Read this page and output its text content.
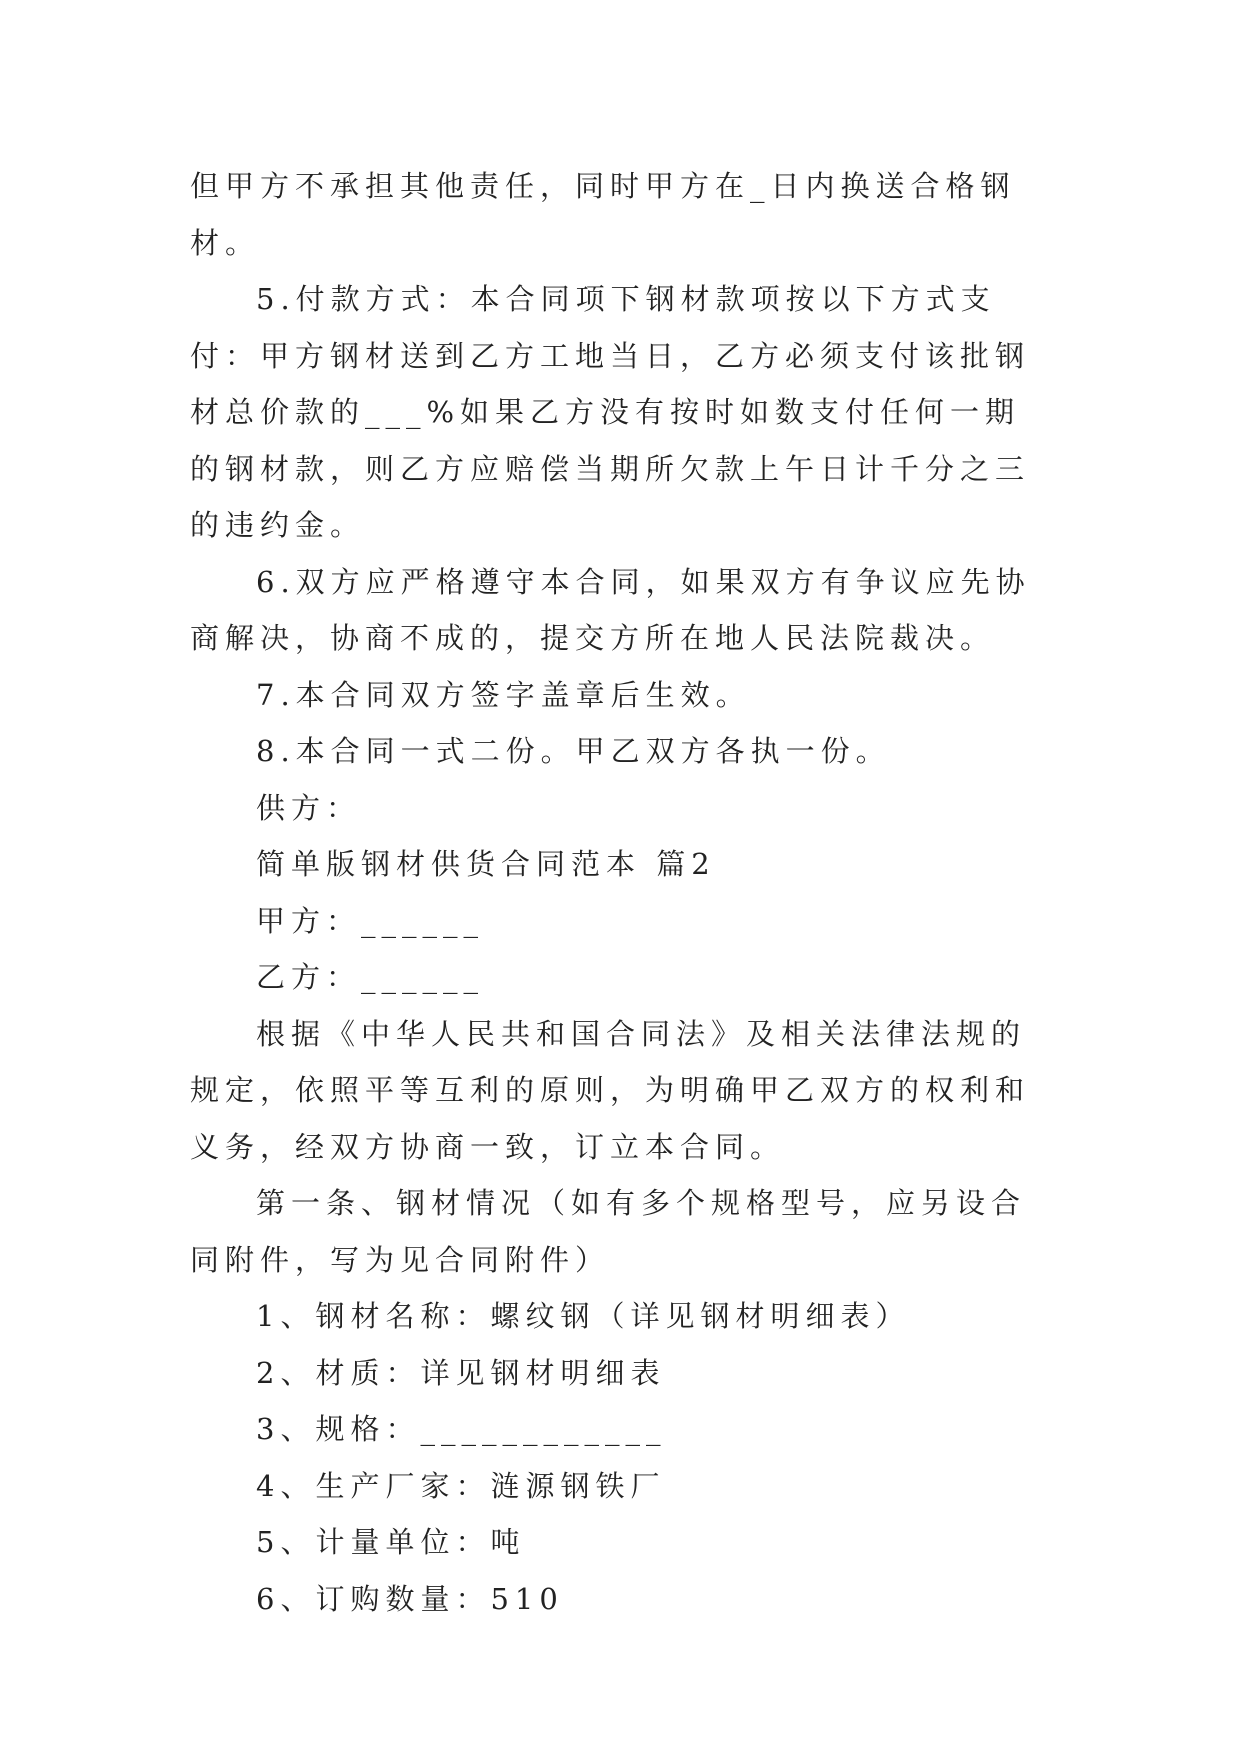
但甲方不承担其他责任，同时甲方在_日内换送合格钢材。

5.付款方式：本合同项下钢材款项按以下方式支付：甲方钢材送到乙方工地当日，乙方必须支付该批钢材总价款的___%如果乙方没有按时如数支付任何一期的钢材款，则乙方应赔偿当期所欠款上午日计千分之三的违约金。

6.双方应严格遵守本合同，如果双方有争议应先协商解决，协商不成的，提交方所在地人民法院裁决。

7.本合同双方签字盖章后生效。

8.本合同一式二份。甲乙双方各执一份。

供方：

简单版钢材供货合同范本 篇2

甲方：______

乙方：______

根据《中华人民共和国合同法》及相关法律法规的规定，依照平等互利的原则，为明确甲乙双方的权利和义务，经双方协商一致，订立本合同。

第一条、钢材情况（如有多个规格型号，应另设合同附件，写为见合同附件）

1、钢材名称：螺纹钢（详见钢材明细表）

2、材质：详见钢材明细表

3、规格：____________

4、生产厂家：涟源钢铁厂

5、计量单位：吨

6、订购数量：510
